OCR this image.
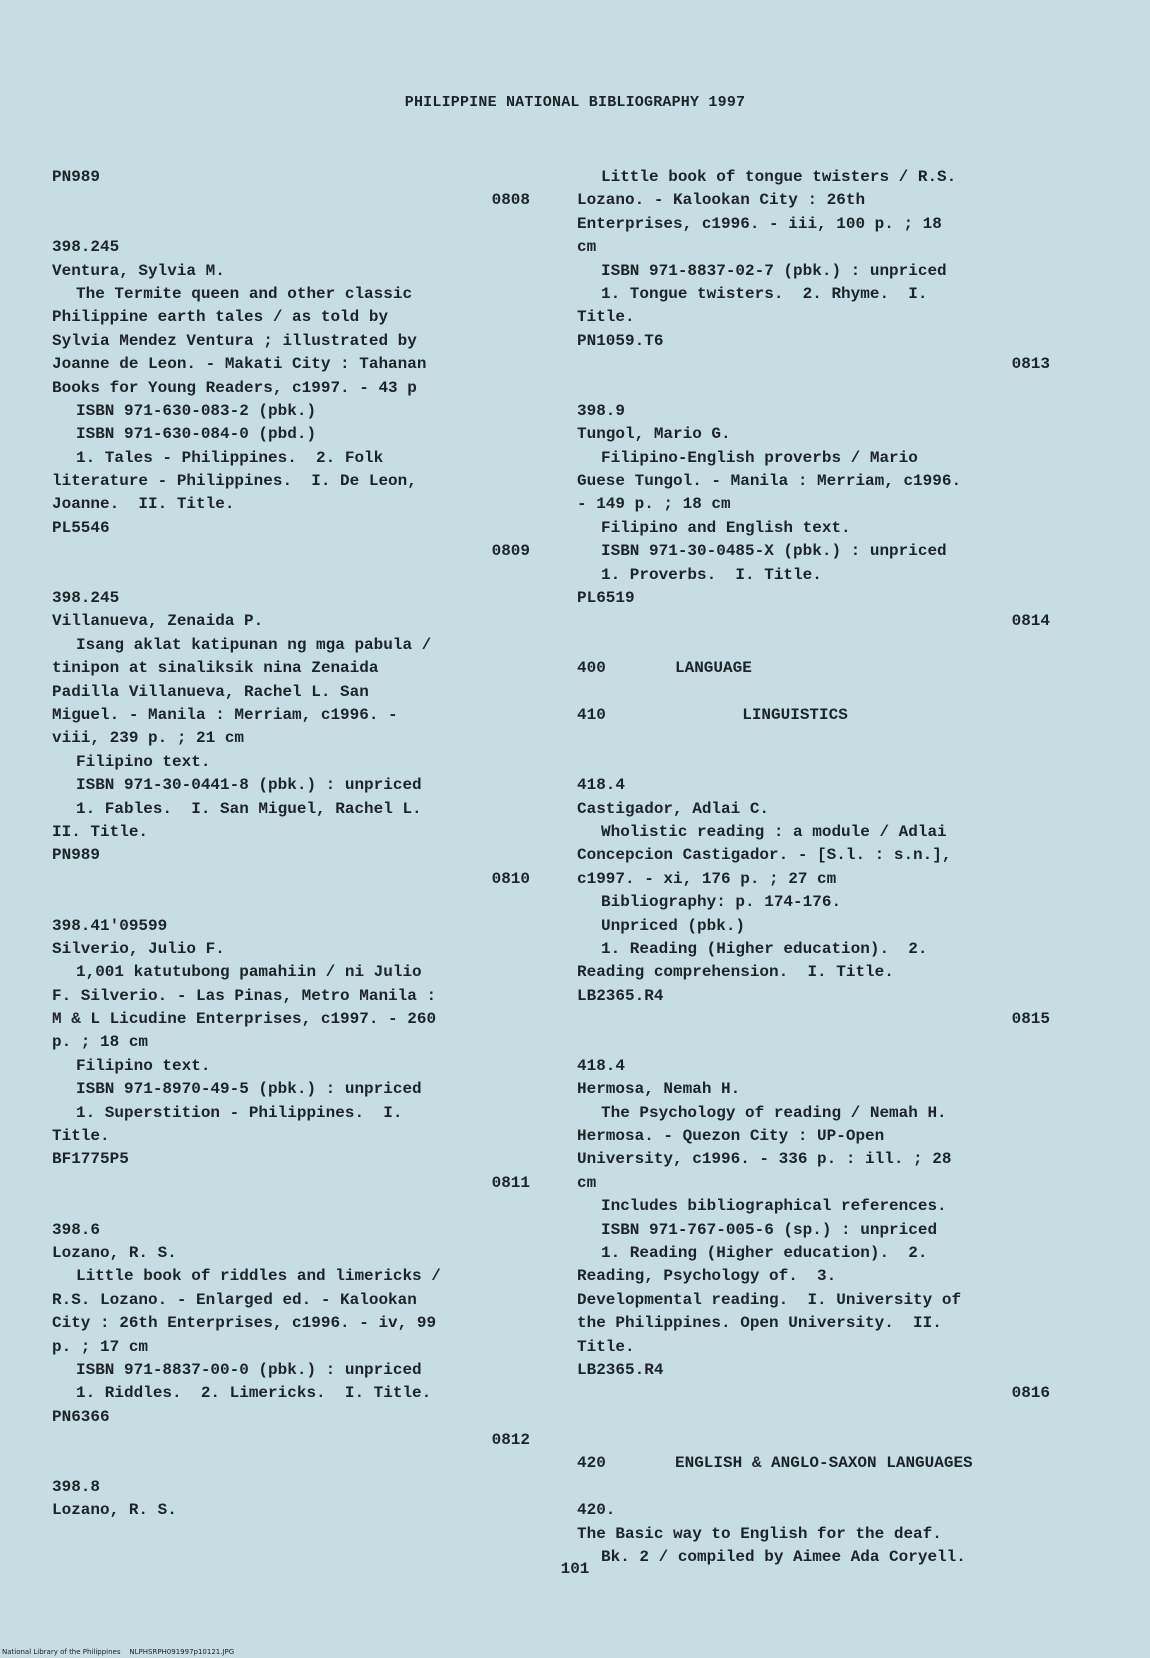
PHILIPPINE NATIONAL BIBLIOGRAPHY 1997
PN989
0808
398.245
Ventura, Sylvia M.
The Termite queen and other classic
Philippine earth tales / as told by
Sylvia Mendez Ventura ; illustrated by
Joanne de Leon. - Makati City : Tahanan
Books for Young Readers, c1997. - 43 p
ISBN 971-630-083-2 (pbk.)
ISBN 971-630-084-0 (pbd.)
1. Tales - Philippines.  2. Folk
literature - Philippines.  I. De Leon,
Joanne.  II. Title.
PL5546
0809
398.245
Villanueva, Zenaida P.
Isang aklat katipunan ng mga pabula /
tinipon at sinaliksik nina Zenaida
Padilla Villanueva, Rachel L. San
Miguel. - Manila : Merriam, c1996. -
viii, 239 p. ; 21 cm
Filipino text.
ISBN 971-30-0441-8 (pbk.) : unpriced
1. Fables.  I. San Miguel, Rachel L.
II. Title.
PN989
0810
398.41'09599
Silverio, Julio F.
1,001 katutubong pamahiin / ni Julio
F. Silverio. - Las Pinas, Metro Manila :
M & L Licudine Enterprises, c1997. - 260
p. ; 18 cm
Filipino text.
ISBN 971-8970-49-5 (pbk.) : unpriced
1. Superstition - Philippines.  I.
Title.
BF1775P5
0811
398.6
Lozano, R. S.
Little book of riddles and limericks /
R.S. Lozano. - Enlarged ed. - Kalookan
City : 26th Enterprises, c1996. - iv, 99
p. ; 17 cm
ISBN 971-8837-00-0 (pbk.) : unpriced
1. Riddles.  2. Limericks.  I. Title.
PN6366
0812
398.8
Lozano, R. S.
Little book of tongue twisters / R.S.
Lozano. - Kalookan City : 26th
Enterprises, c1996. - iii, 100 p. ; 18
cm
ISBN 971-8837-02-7 (pbk.) : unpriced
1. Tongue twisters.  2. Rhyme.  I.
Title.
PN1059.T6
0813
398.9
Tungol, Mario G.
Filipino-English proverbs / Mario
Guese Tungol. - Manila : Merriam, c1996.
- 149 p. ; 18 cm
Filipino and English text.
ISBN 971-30-0485-X (pbk.) : unpriced
1. Proverbs.  I. Title.
PL6519
0814
400	LANGUAGE
410	LINGUISTICS
418.4
Castigador, Adlai C.
Wholistic reading : a module / Adlai
Concepcion Castigador. - [S.l. : s.n.],
c1997. - xi, 176 p. ; 27 cm
Bibliography: p. 174-176.
Unpriced (pbk.)
1. Reading (Higher education).  2.
Reading comprehension.  I. Title.
LB2365.R4
0815
418.4
Hermosa, Nemah H.
The Psychology of reading / Nemah H.
Hermosa. - Quezon City : UP-Open
University, c1996. - 336 p. : ill. ; 28
cm
Includes bibliographical references.
ISBN 971-767-005-6 (sp.) : unpriced
1. Reading (Higher education).  2.
Reading, Psychology of.  3.
Developmental reading.  I. University of
the Philippines. Open University.  II.
Title.
LB2365.R4
0816
420	ENGLISH & ANGLO-SAXON LANGUAGES
420.
The Basic way to English for the deaf.
Bk. 2 / compiled by Aimee Ada Coryell.
101
National Library of the Philippines    NLPHSRPH091997p10121.JPG
